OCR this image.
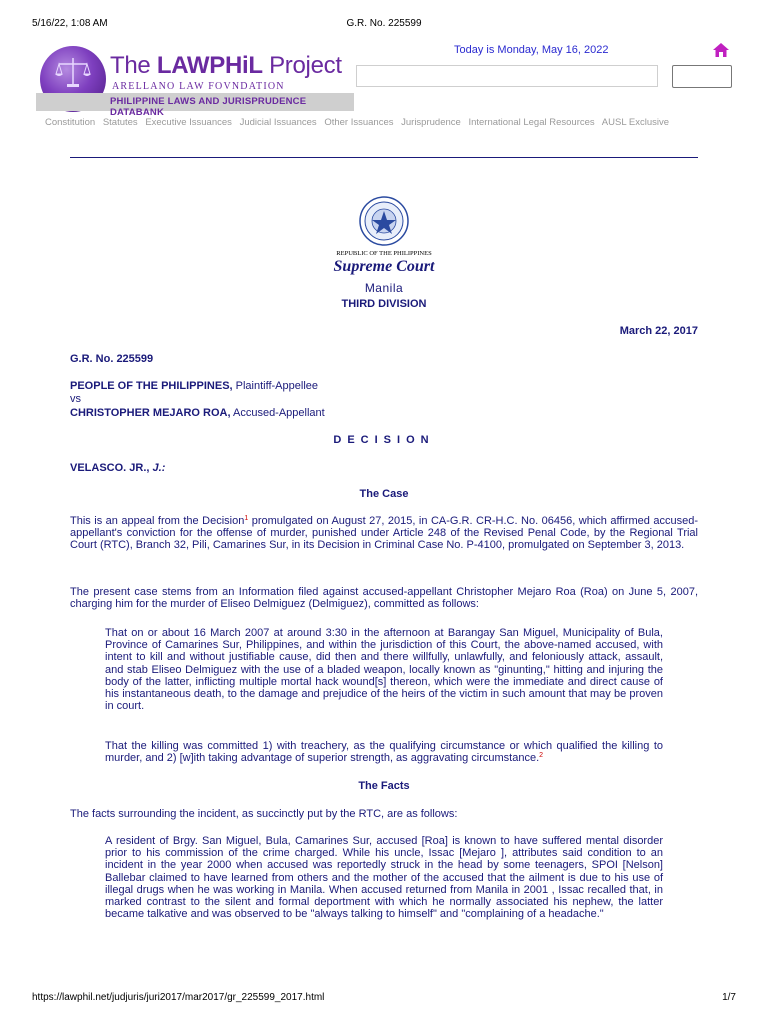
5/16/22, 1:08 AM	G.R. No. 225599
The LAWPHiL Project
ARELLANO LAW FOVNDATION
PHILIPPINE LAWS AND JURISPRUDENCE DATABANK
Today is Monday, May 16, 2022
Constitution Statutes Executive Issuances Judicial Issuances Other Issuances Jurisprudence International Legal Resources AUSL Exclusive
REPUBLIC OF THE PHILIPPINES
Supreme Court
Manila
THIRD DIVISION
March 22, 2017
G.R. No. 225599
PEOPLE OF THE PHILIPPINES, Plaintiff-Appellee
vs
CHRISTOPHER MEJARO ROA, Accused-Appellant
DECISION
VELASCO. JR., J.:
The Case
This is an appeal from the Decision$^1$ promulgated on August 27, 2015, in CA-G.R. CR-H.C. No. 06456, which affirmed accused-appellant's conviction for the offense of murder, punished under Article 248 of the Revised Penal Code, by the Regional Trial Court (RTC), Branch 32, Pili, Camarines Sur, in its Decision in Criminal Case No. P-4100, promulgated on September 3, 2013.
The present case stems from an Information filed against accused-appellant Christopher Mejaro Roa (Roa) on June 5, 2007, charging him for the murder of Eliseo Delmiguez (Delmiguez), committed as follows:
That on or about 16 March 2007 at around 3:30 in the afternoon at Barangay San Miguel, Municipality of Bula, Province of Camarines Sur, Philippines, and within the jurisdiction of this Court, the above-named accused, with intent to kill and without justifiable cause, did then and there willfully, unlawfully, and feloniously attack, assault, and stab Eliseo Delmiguez with the use of a bladed weapon, locally known as "ginunting," hitting and injuring the body of the latter, inflicting multiple mortal hack wound[s] thereon, which were the immediate and direct cause of his instantaneous death, to the damage and prejudice of the heirs of the victim in such amount that may be proven in court.
That the killing was committed 1) with treachery, as the qualifying circumstance or which qualified the killing to murder, and 2) [w]ith taking advantage of superior strength, as aggravating circumstance.$^2$
The Facts
The facts surrounding the incident, as succinctly put by the RTC, are as follows:
A resident of Brgy. San Miguel, Bula, Camarines Sur, accused [Roa] is known to have suffered mental disorder prior to his commission of the crime charged. While his uncle, Issac [Mejaro ], attributes said condition to an incident in the year 2000 when accused was reportedly struck in the head by some teenagers, SPOI [Nelson] Ballebar claimed to have learned from others and the mother of the accused that the ailment is due to his use of illegal drugs when he was working in Manila. When accused returned from Manila in 2001 , Issac recalled that, in marked contrast to the silent and formal deportment with which he normally associated his nephew, the latter became talkative and was observed to be "always talking to himself" and "complaining of a headache."
https://lawphil.net/judjuris/juri2017/mar2017/gr_225599_2017.html	1/7
